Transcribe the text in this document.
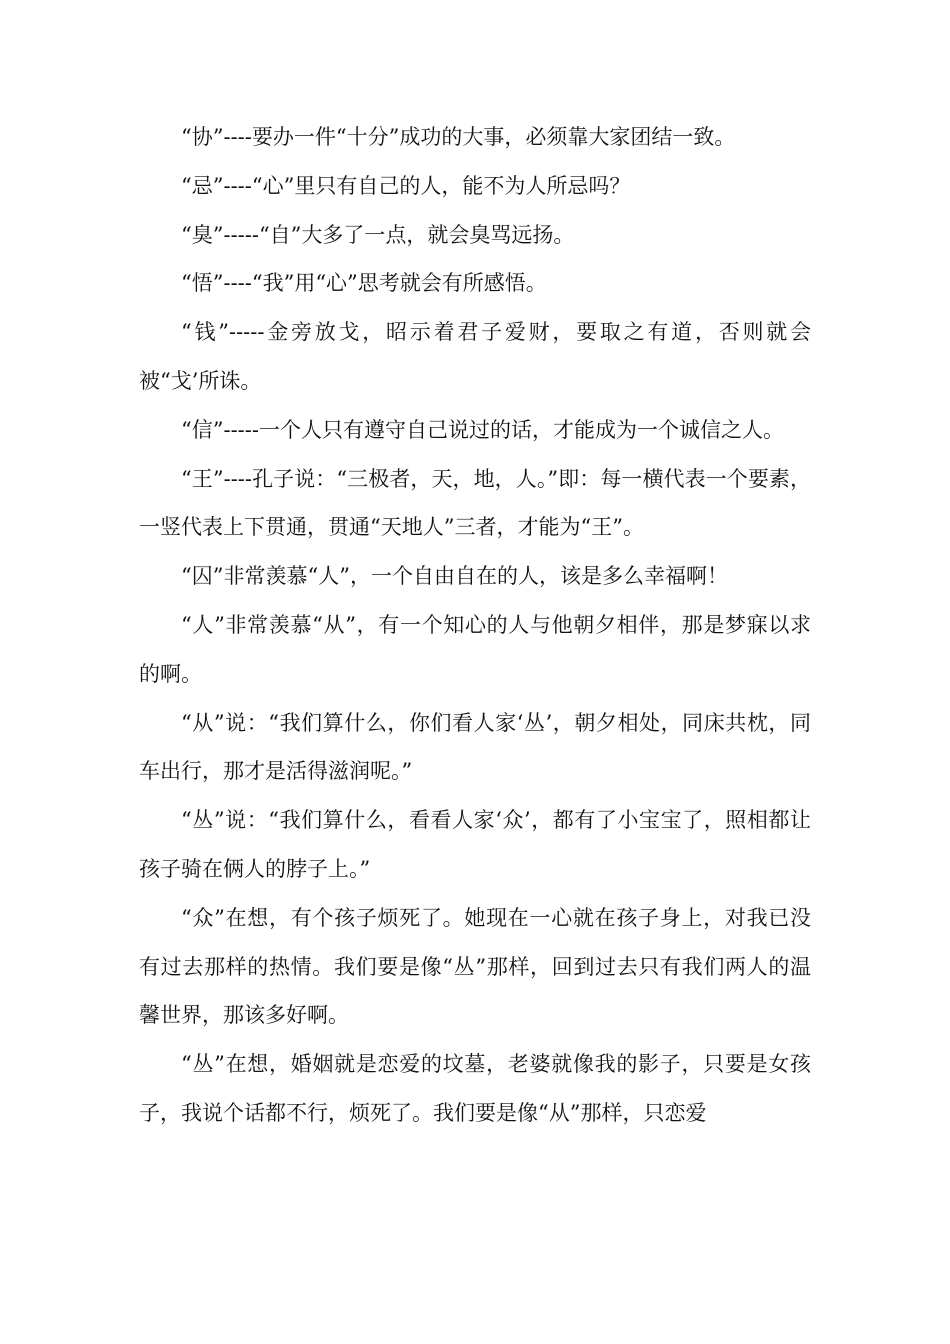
“协”----要办一件“十分”成功的大事，必须靠大家团结一致。

“忌”----“心”里只有自己的人，能不为人所忌吗？

“臭”-----“自”大多了一点，就会臭骂远扬。

“悟”----“我”用“心”思考就会有所感悟。

“钱”-----金旁放戈，昭示着君子爱财，要取之有道，否则就会被“戈’所诛。

“信”-----一个人只有遵守自己说过的话，才能成为一个诚信之人。

“王”----孔子说：“三极者，天，地，人。”即：每一横代表一个要素，一竖代表上下贯通，贯通“天地人”三者，才能为“王”。

“囚”非常羡慕“人”，一个自由自在的人，该是多么幸福啊！

“人”非常羡慕“从”，有一个知心的人与他朝夕相伴，那是梦寐以求的啊。

“从”说：“我们算什么，你们看人家‘丛’，朝夕相处，同床共枕，同车出行，那才是活得滋润呢。”

“丛”说：“我们算什么，看看人家‘众’，都有了小宝宝了，照相都让孩子骑在俩人的脖子上。”

“众”在想，有个孩子烦死了。她现在一心就在孩子身上，对我已没有过去那样的热情。我们要是像“丛”那样，回到过去只有我们两人的温馨世界，那该多好啊。

“丛”在想，婚姻就是恋爱的坟墓，老婆就像我的影子，只要是女孩子，我说个话都不行，烦死了。我们要是像“从”那样，只恋爱
